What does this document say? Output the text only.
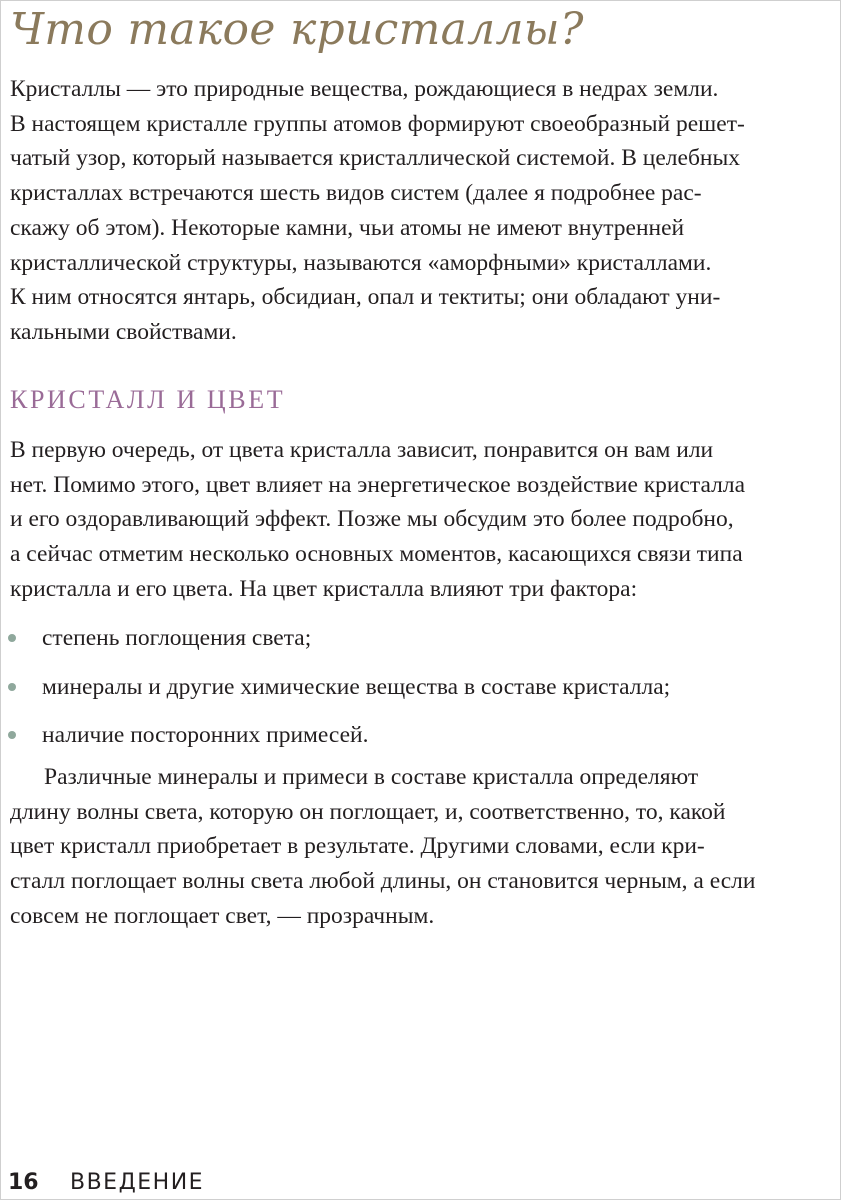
Что такое кристаллы?
Кристаллы — это природные вещества, рождающиеся в недрах земли.
В настоящем кристалле группы атомов формируют своеобразный решет-
чатый узор, который называется кристаллической системой. В целебных
кристаллах встречаются шесть видов систем (далее я подробнее рас-
скажу об этом). Некоторые камни, чьи атомы не имеют внутренней
кристаллической структуры, называются «аморфными» кристаллами.
К ним относятся янтарь, обсидиан, опал и тектиты; они обладают уни-
кальными свойствами.
КРИСТАЛЛ И ЦВЕТ
В первую очередь, от цвета кристалла зависит, понравится он вам или
нет. Помимо этого, цвет влияет на энергетическое воздействие кристалла
и его оздоравливающий эффект. Позже мы обсудим это более подробно,
а сейчас отметим несколько основных моментов, касающихся связи типа
кристалла и его цвета. На цвет кристалла влияют три фактора:
степень поглощения света;
минералы и другие химические вещества в составе кристалла;
наличие посторонних примесей.
Различные минералы и примеси в составе кристалла определяют
длину волны света, которую он поглощает, и, соответственно, то, какой
цвет кристалл приобретает в результате. Другими словами, если кри-
сталл поглощает волны света любой длины, он становится черным, а если
совсем не поглощает свет, — прозрачным.
16 ВВЕДЕНИЕ
